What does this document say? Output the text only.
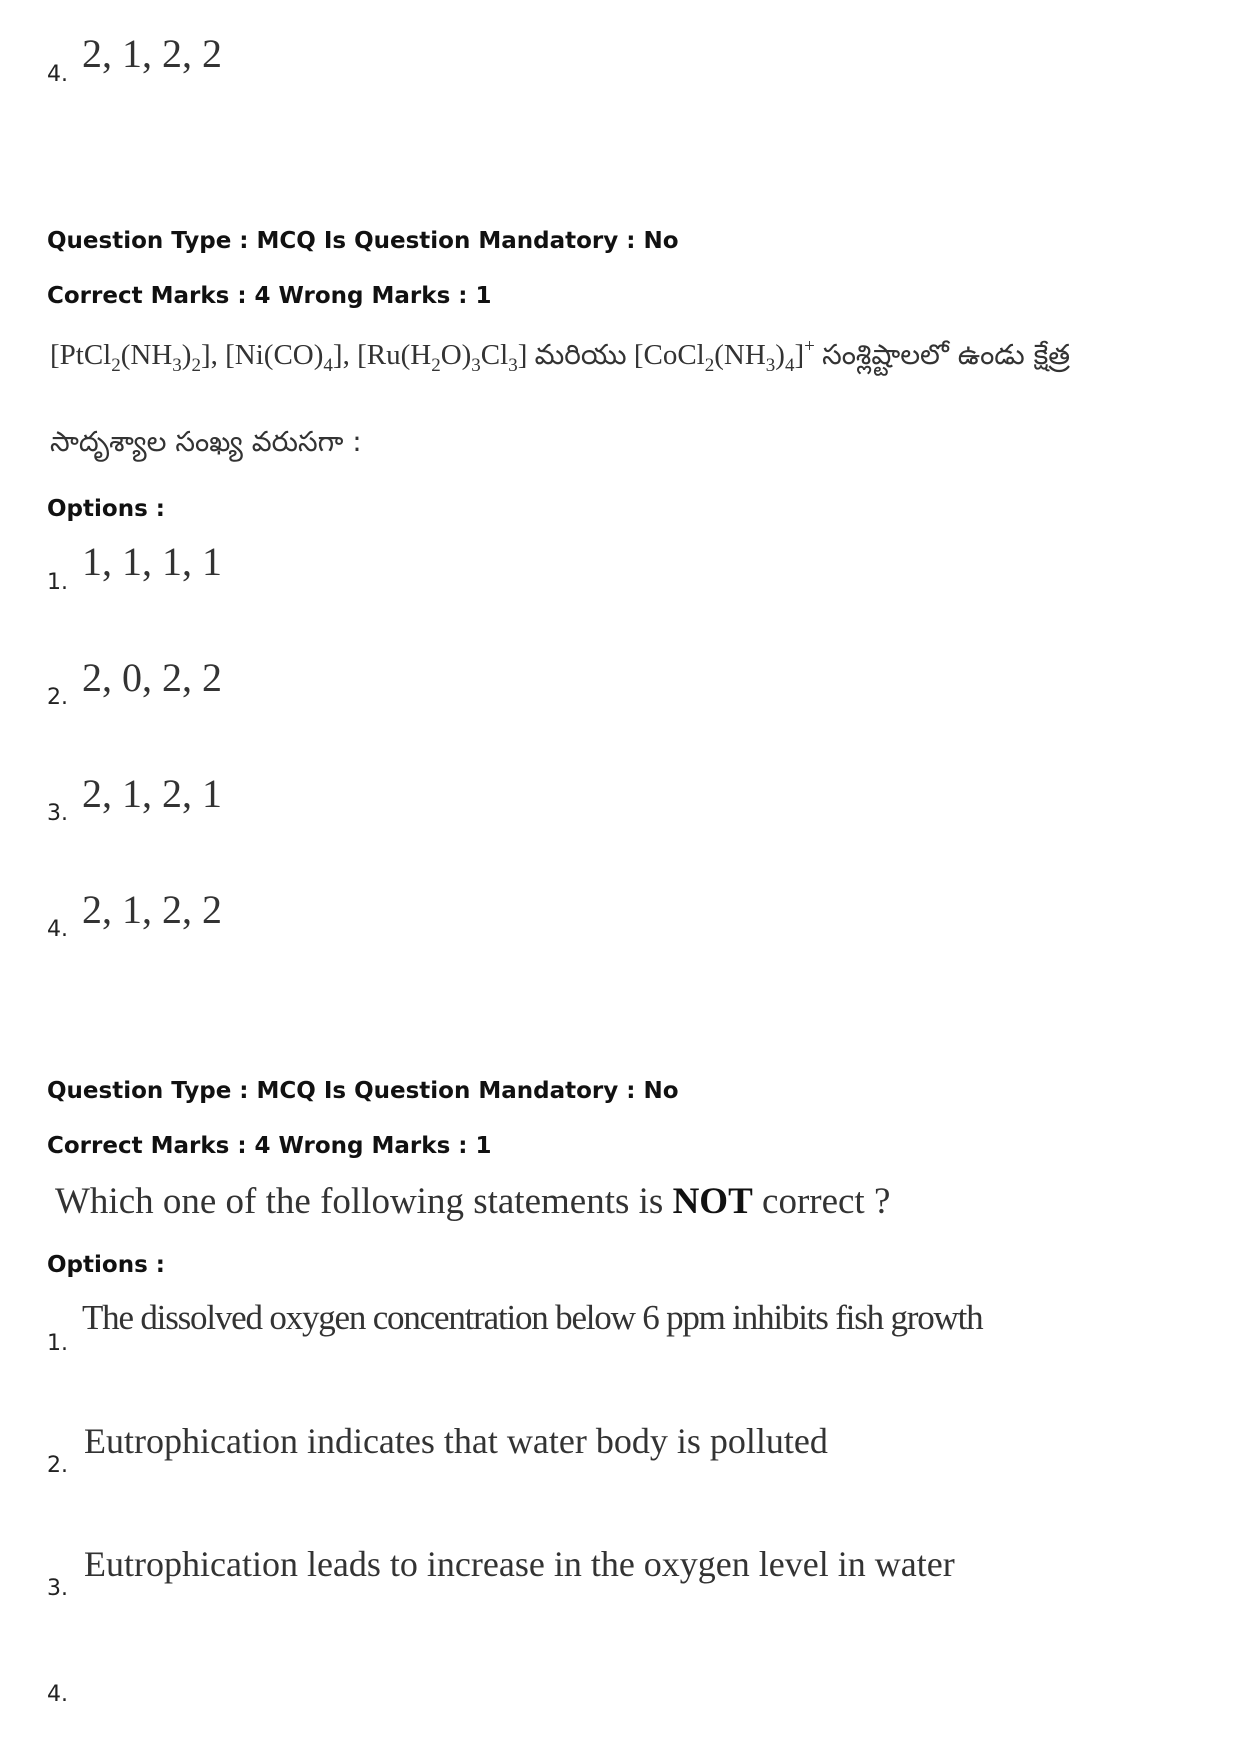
4. 2, 1, 2, 2
Question Type : MCQ Is Question Mandatory : No
Correct Marks : 4 Wrong Marks : 1
$[PtCl_2(NH_3)_2]$, $[Ni(CO)_4]$, $[Ru(H_2O)_3Cl_3]$ మరియు $[CoCl_2(NH_3)_4]^+$ సంశ్లిష్టాలలో ఉండు క్షేత్ర
సాదృశ్యాల సంఖ్య వరుసగా :
Options :
1. 1, 1, 1, 1
2. 2, 0, 2, 2
3. 2, 1, 2, 1
4. 2, 1, 2, 2
Question Type : MCQ Is Question Mandatory : No
Correct Marks : 4 Wrong Marks : 1
Which one of the following statements is NOT correct ?
Options :
1.
The dissolved oxygen concentration below 6 ppm inhibits fish growth
2.
Eutrophication indicates that water body is polluted
3.
Eutrophication leads to increase in the oxygen level in water
4.
